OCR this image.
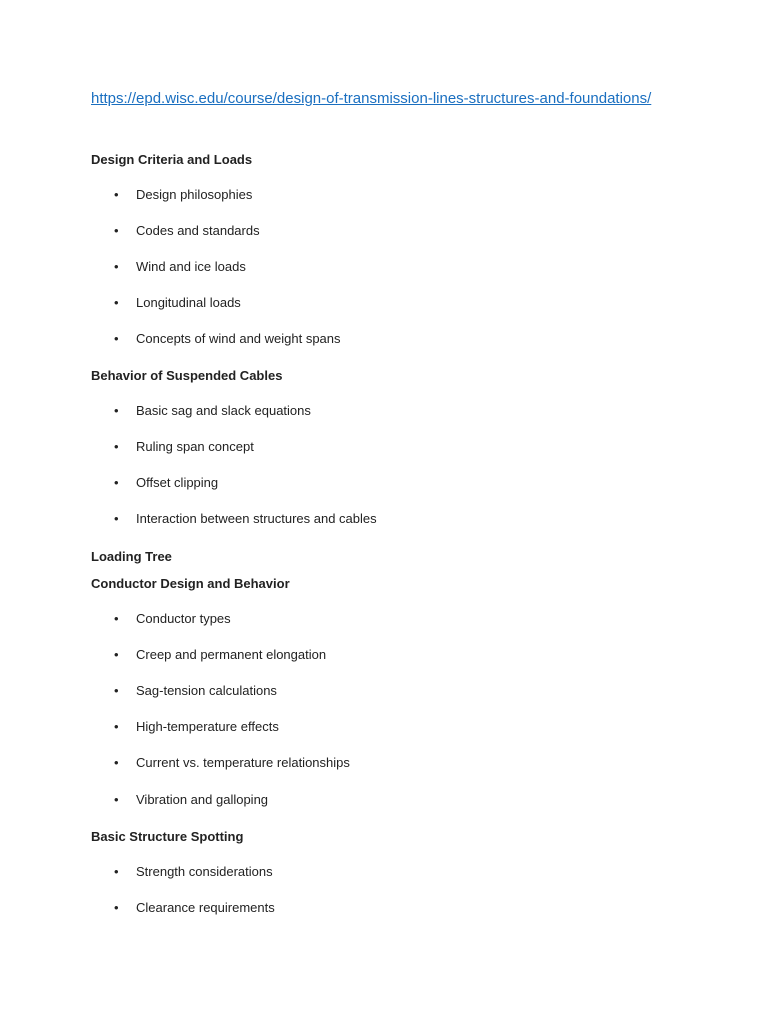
https://epd.wisc.edu/course/design-of-transmission-lines-structures-and-foundations/
Design Criteria and Loads
• Design philosophies
• Codes and standards
• Wind and ice loads
• Longitudinal loads
• Concepts of wind and weight spans
Behavior of Suspended Cables
• Basic sag and slack equations
• Ruling span concept
• Offset clipping
• Interaction between structures and cables
Loading Tree
Conductor Design and Behavior
• Conductor types
• Creep and permanent elongation
• Sag-tension calculations
• High-temperature effects
• Current vs. temperature relationships
• Vibration and galloping
Basic Structure Spotting
• Strength considerations
• Clearance requirements
